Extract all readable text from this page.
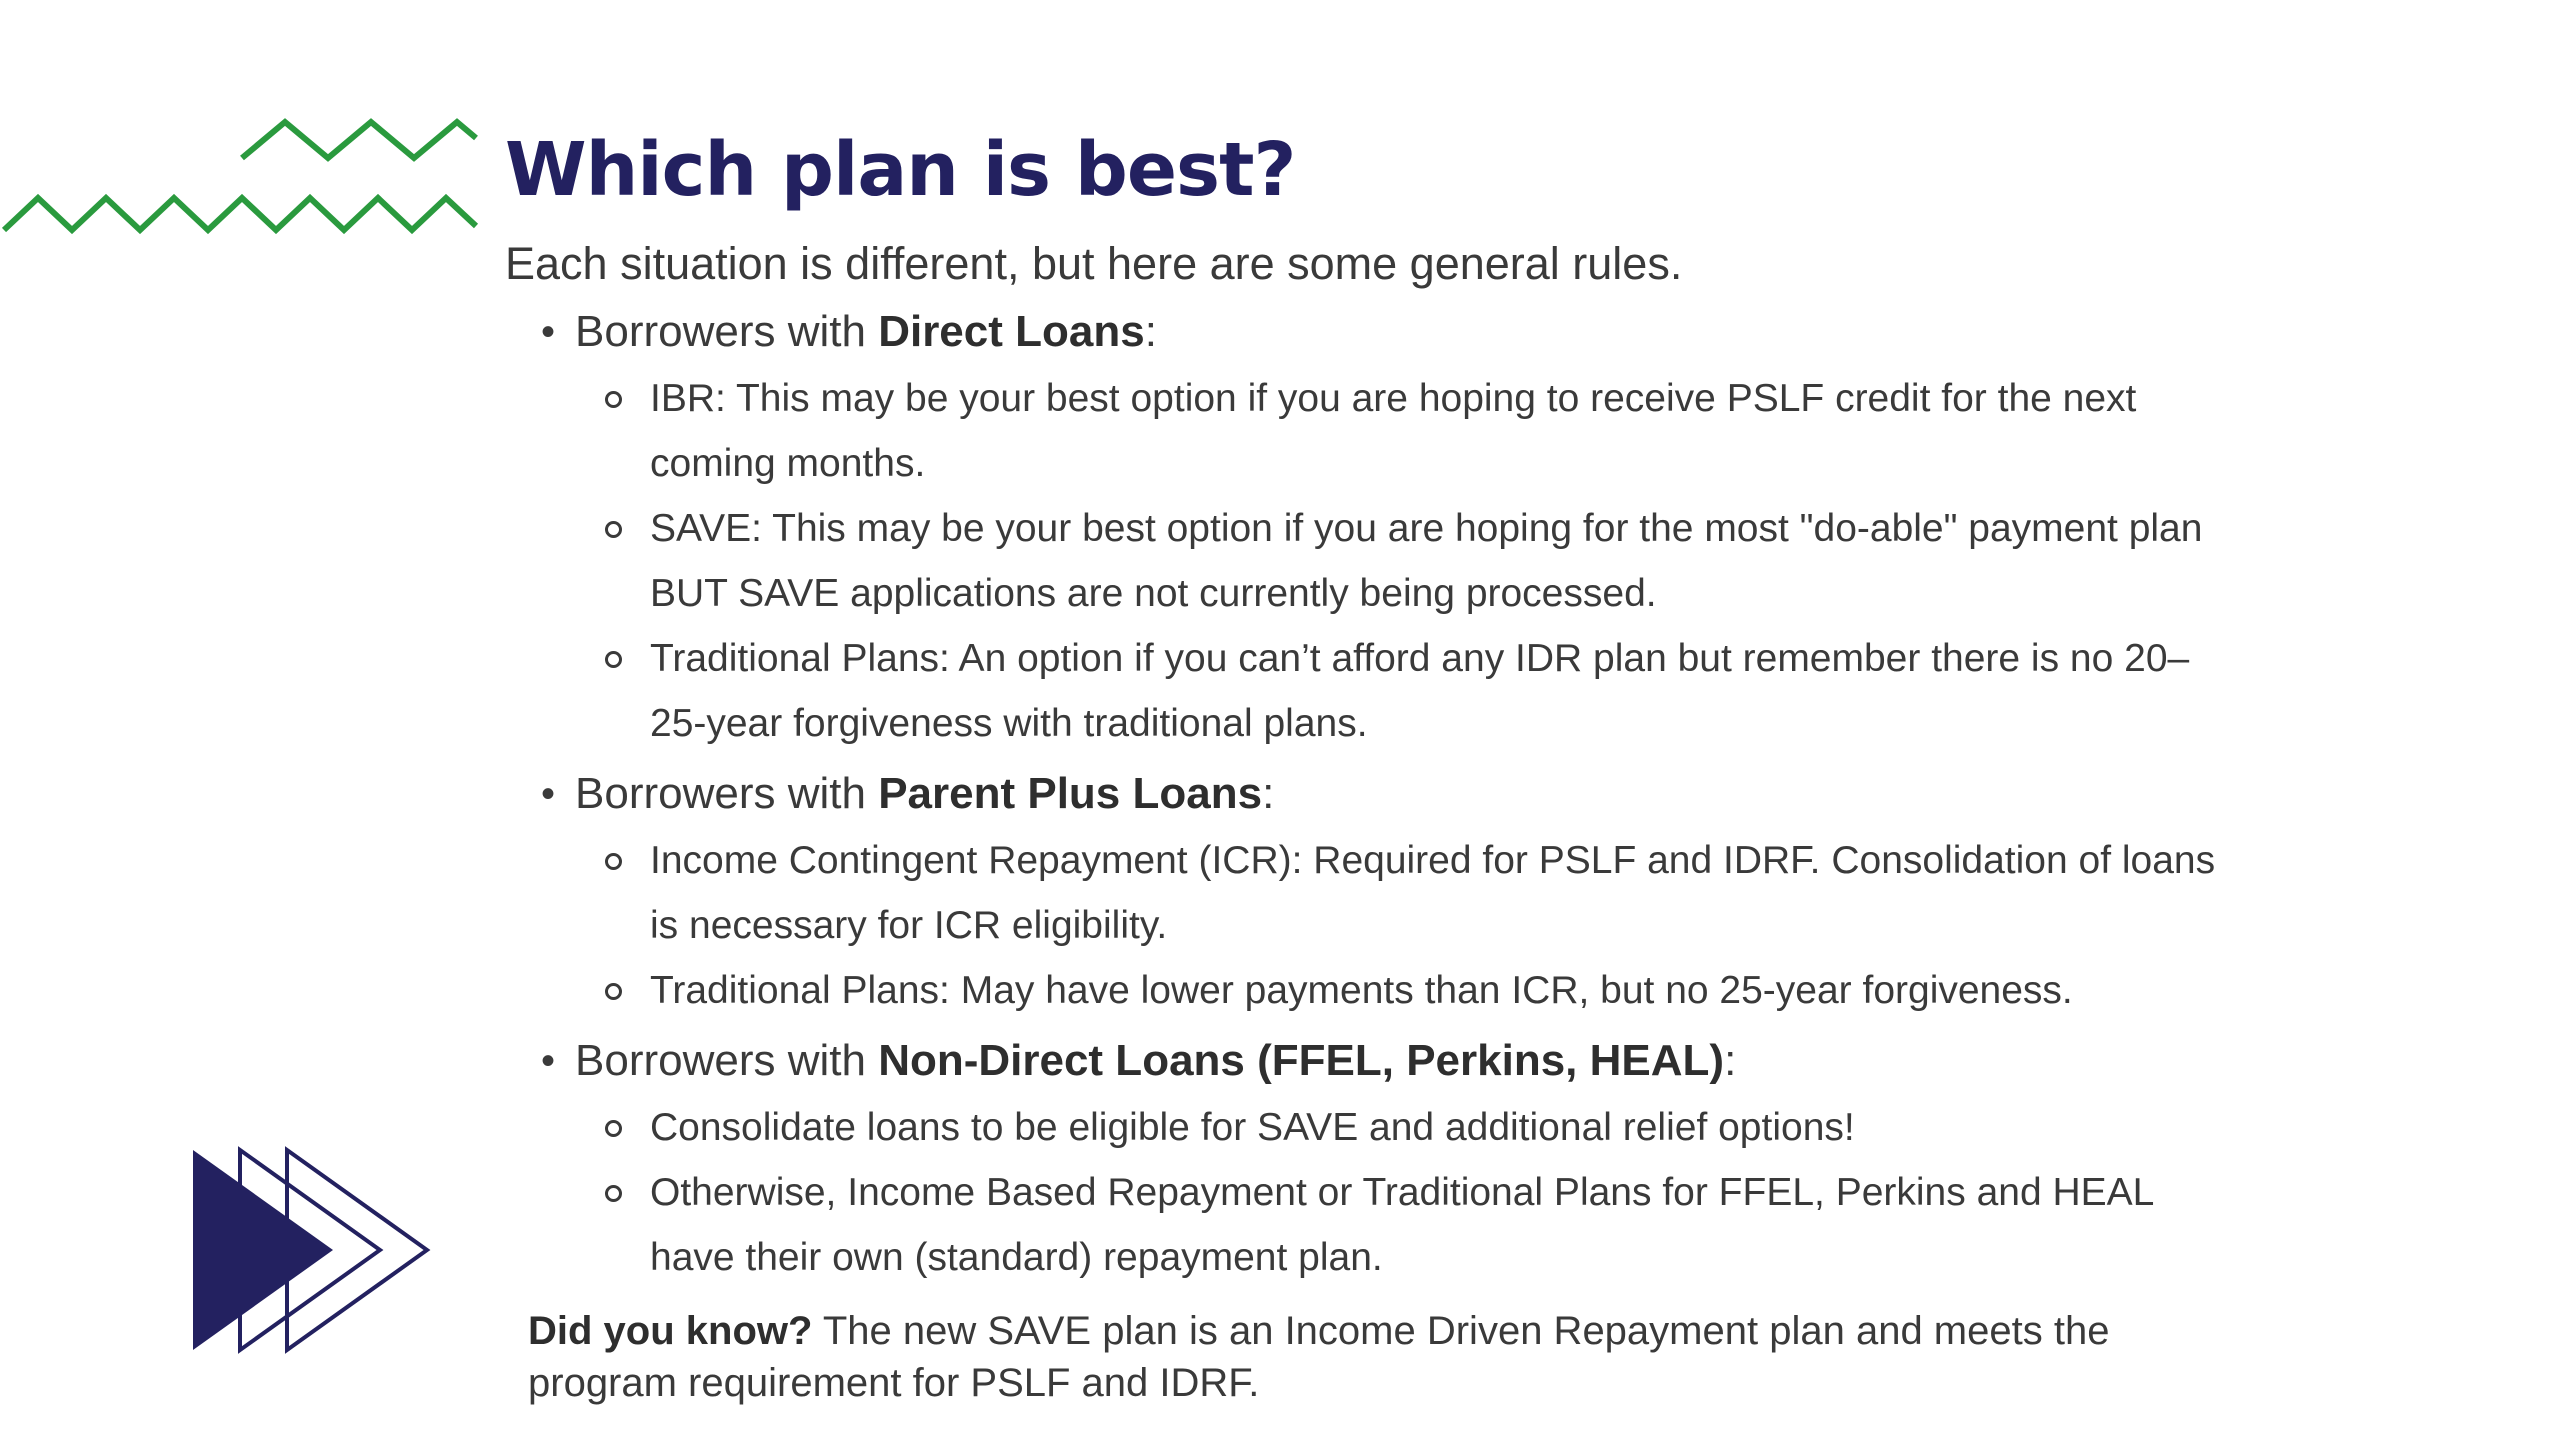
Which plan is best?

Each situation is different, but here are some general rules.

• Borrowers with Direct Loans:
IBR: This may be your best option if you are hoping to receive PSLF credit for the next coming months.
SAVE: This may be your best option if you are hoping for the most "do-able" payment plan BUT SAVE applications are not currently being processed.
Traditional Plans: An option if you can’t afford any IDR plan but remember there is no 20–25-year forgiveness with traditional plans.
• Borrowers with Parent Plus Loans:
Income Contingent Repayment (ICR): Required for PSLF and IDRF. Consolidation of loans is necessary for ICR eligibility.
Traditional Plans: May have lower payments than ICR, but no 25-year forgiveness.
• Borrowers with Non-Direct Loans (FFEL, Perkins, HEAL):
Consolidate loans to be eligible for SAVE and additional relief options!
Otherwise, Income Based Repayment or Traditional Plans for FFEL, Perkins and HEAL have their own (standard) repayment plan.
Did you know? The new SAVE plan is an Income Driven Repayment plan and meets the program requirement for PSLF and IDRF.
